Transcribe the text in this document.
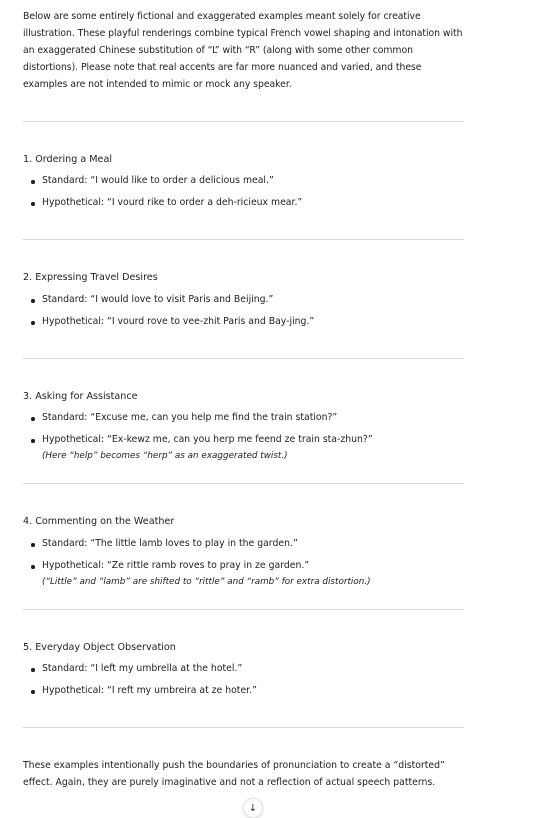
Below are some entirely fictional and exaggerated examples meant solely for creative illustration. These playful renderings combine typical French vowel shaping and intonation with an exaggerated Chinese substitution of “L” with “R” (along with some other common distortions). Please note that real accents are far more nuanced and varied, and these examples are not intended to mimic or mock any speaker.

1. Ordering a Meal
Standard: “I would like to order a delicious meal.”
Hypothetical: “I vourd rike to order a deh-ricieux mear.”
2. Expressing Travel Desires
Standard: “I would love to visit Paris and Beijing.”
Hypothetical: “I vourd rove to vee-zhit Paris and Bay-jing.”
3. Asking for Assistance
Standard: “Excuse me, can you help me find the train station?”
Hypothetical: “Ex-kewz me, can you herp me feend ze train sta-zhun?”
(Here “help” becomes “herp” as an exaggerated twist.)
4. Commenting on the Weather
Standard: “The little lamb loves to play in the garden.”
Hypothetical: “Ze rittle ramb roves to pray in ze garden.”
(“Little” and “lamb” are shifted to “rittle” and “ramb” for extra distortion.)
5. Everyday Object Observation
Standard: “I left my umbrella at the hotel.”
Hypothetical: “I reft my umbreira at ze hoter.”

These examples intentionally push the boundaries of pronunciation to create a “distorted” effect. Again, they are purely imaginative and not a reflection of actual speech patterns.

↓
